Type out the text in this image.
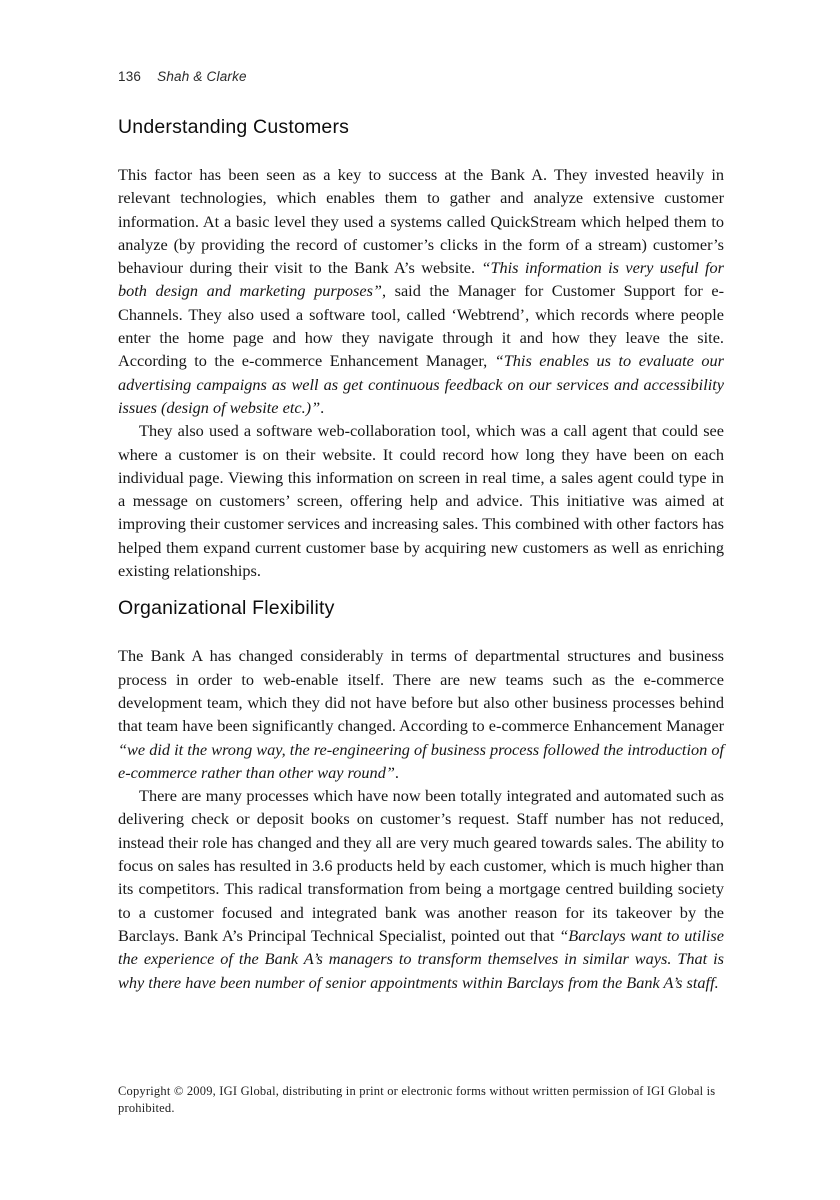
136 Shah & Clarke
Understanding Customers

This factor has been seen as a key to success at the Bank A. They invested heavily in relevant technologies, which enables them to gather and analyze extensive customer information. At a basic level they used a systems called QuickStream which helped them to analyze (by providing the record of customer’s clicks in the form of a stream) customer’s behaviour during their visit to the Bank A’s website. “This information is very useful for both design and marketing purposes”, said the Manager for Customer Support for e-Channels. They also used a software tool, called ‘Webtrend’, which records where people enter the home page and how they navigate through it and how they leave the site. According to the e-commerce Enhancement Manager, “This enables us to evaluate our advertising campaigns as well as get continuous feedback on our services and accessibility issues (design of website etc.)”.

They also used a software web-collaboration tool, which was a call agent that could see where a customer is on their website. It could record how long they have been on each individual page. Viewing this information on screen in real time, a sales agent could type in a message on customers’ screen, offering help and advice. This initiative was aimed at improving their customer services and increasing sales. This combined with other factors has helped them expand current customer base by acquiring new customers as well as enriching existing relationships.

Organizational Flexibility

The Bank A has changed considerably in terms of departmental structures and business process in order to web-enable itself. There are new teams such as the e-commerce development team, which they did not have before but also other business processes behind that team have been significantly changed. According to e-commerce Enhancement Manager “we did it the wrong way, the re-engineering of business process followed the introduction of e-commerce rather than other way round”.

There are many processes which have now been totally integrated and automated such as delivering check or deposit books on customer’s request. Staff number has not reduced, instead their role has changed and they all are very much geared towards sales. The ability to focus on sales has resulted in 3.6 products held by each customer, which is much higher than its competitors. This radical transformation from being a mortgage centred building society to a customer focused and integrated bank was another reason for its takeover by the Barclays. Bank A’s Principal Technical Specialist, pointed out that “Barclays want to utilise the experience of the Bank A’s managers to transform themselves in similar ways. That is why there have been number of senior appointments within Barclays from the Bank A’s staff.

Copyright © 2009, IGI Global, distributing in print or electronic forms without written permission of IGI Global is prohibited.
